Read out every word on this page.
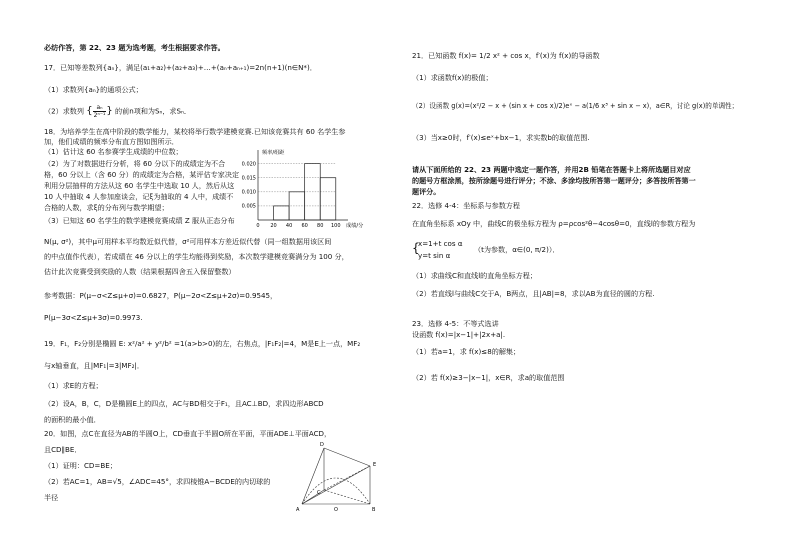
必纺作答，第 22、23 题为选考题，考生根据要求作答。
17．已知等差数列{aₙ}，满足(a₁+a₂)+(a₂+a₃)+…+(aₙ+aₙ₊₁)=2n(n+1)(n∈N*)．
（1）求数列{aₙ}的通项公式；
（2）求数列 { $\frac{\text{aₙ}}{\text{2ⁿ⁻¹}}$ } 的前n项和为Sₙ，求Sₙ．
18．为培养学生在高中阶段的数学能力，某校将举行数学建模竞赛.已知该竞赛共有 60 名学生参
加，他们成绩的频率分布直方图如图所示．
（1）估计这 60 名参赛学生成绩的中位数；
（2）为了对数据进行分析，将 60 分以下的成绩定为不合
格，60 分以上（含 60 分）的成绩定为合格，某评估专家决定
利用分层抽样的方法从这 60 名学生中选取 10 人，然后从这
10 人中抽取 4 人参加座谈会，记ξ为抽取的 4 人中，成绩不
合格的人数，求ξ的分布列与数学期望；
（3）已知这 60 名学生的数学建模竞赛成绩 Z 服从正态分布
N(μ, σ²)，其中μ可用样本平均数近似代替，σ²可用样本方差近似代替（同一组数据用该区间
的中点值作代表），若成绩在 46 分以上的学生均能得到奖励，本次数学建模竞赛满分为 100 分，
估计此次竞赛受到奖励的人数（结果根据四舍五入保留整数）
参考数据：P(μ−σ<Z≤μ+σ)=0.6827，P(μ−2σ<Z≤μ+2σ)=0.9545，
P(μ−3σ<Z≤μ+3σ)=0.9973.
19．F₁，F₂分别是椭圆 E: x²/a² + y²/b² =1(a>b>0)的左，右焦点，|F₁F₂|=4，M是E上一点，MF₂
与x轴垂直，且|MF₁|=3|MF₂|．
（1）求E的方程；
（2）设A，B，C，D是椭圆E上的四点，AC与BD相交于F₁，且AC⊥BD，求四边形ABCD
的面积的最小值．
20．如图，点C在直径为AB的半圆O上，CD垂直于半圆O所在平面，平面ADE⊥平面ACD，
且CD∥BE．
（1）证明：CD=BE；
（2）若AC=1，AB=√5，∠ADC=45°，求四棱锥A−BCDE的内切球的
半径
0.020
0.015
0.010
0.005
0 20 40 60 80 100
频率/组距
成绩/分
A	O	B
D
E
C
21．已知函数 f(x)= 1/2 x² + cos x，f′(x)为 f(x)的导函数
（1）求函数f(x)的极值；
（2）设函数 g(x)=(x²/2 − x + (sin x + cos x)/2)eˣ − a(1/6 x³ + sin x − x)，a∈R，讨论 g(x)的单调性；
（3）当x≥0时，f′(x)≤eˣ+bx−1，求实数b的取值范围.
请从下面所给的 22、23 两题中选定一题作答，并用2B 铅笔在答题卡上将所选题目对应
的题号方框涂黑，按所涂题号进行评分；不涂、多涂均按所答第一题评分；多答按所答第一
题评分。
22．选修 4-4：坐标系与参数方程
在直角坐标系 xOy 中，曲线C的极坐标方程为 ρ=ρcos²θ−4cosθ=0，直线l的参数方程为
{
x=1+t cos α
y=t sin α
（t为参数，α∈(0, π/2)）．
（1）求曲线C和直线l的直角坐标方程；
（2）若直线l与曲线C交于A，B两点，且|AB|=8，求以AB为直径的圆的方程.
23．选修 4-5：不等式选讲
设函数 f(x)=|x−1|+|2x+a|.
（1）若a=1，求 f(x)≤8的解集；
（2）若 f(x)≥3−|x−1|，x∈R，求a的取值范围
